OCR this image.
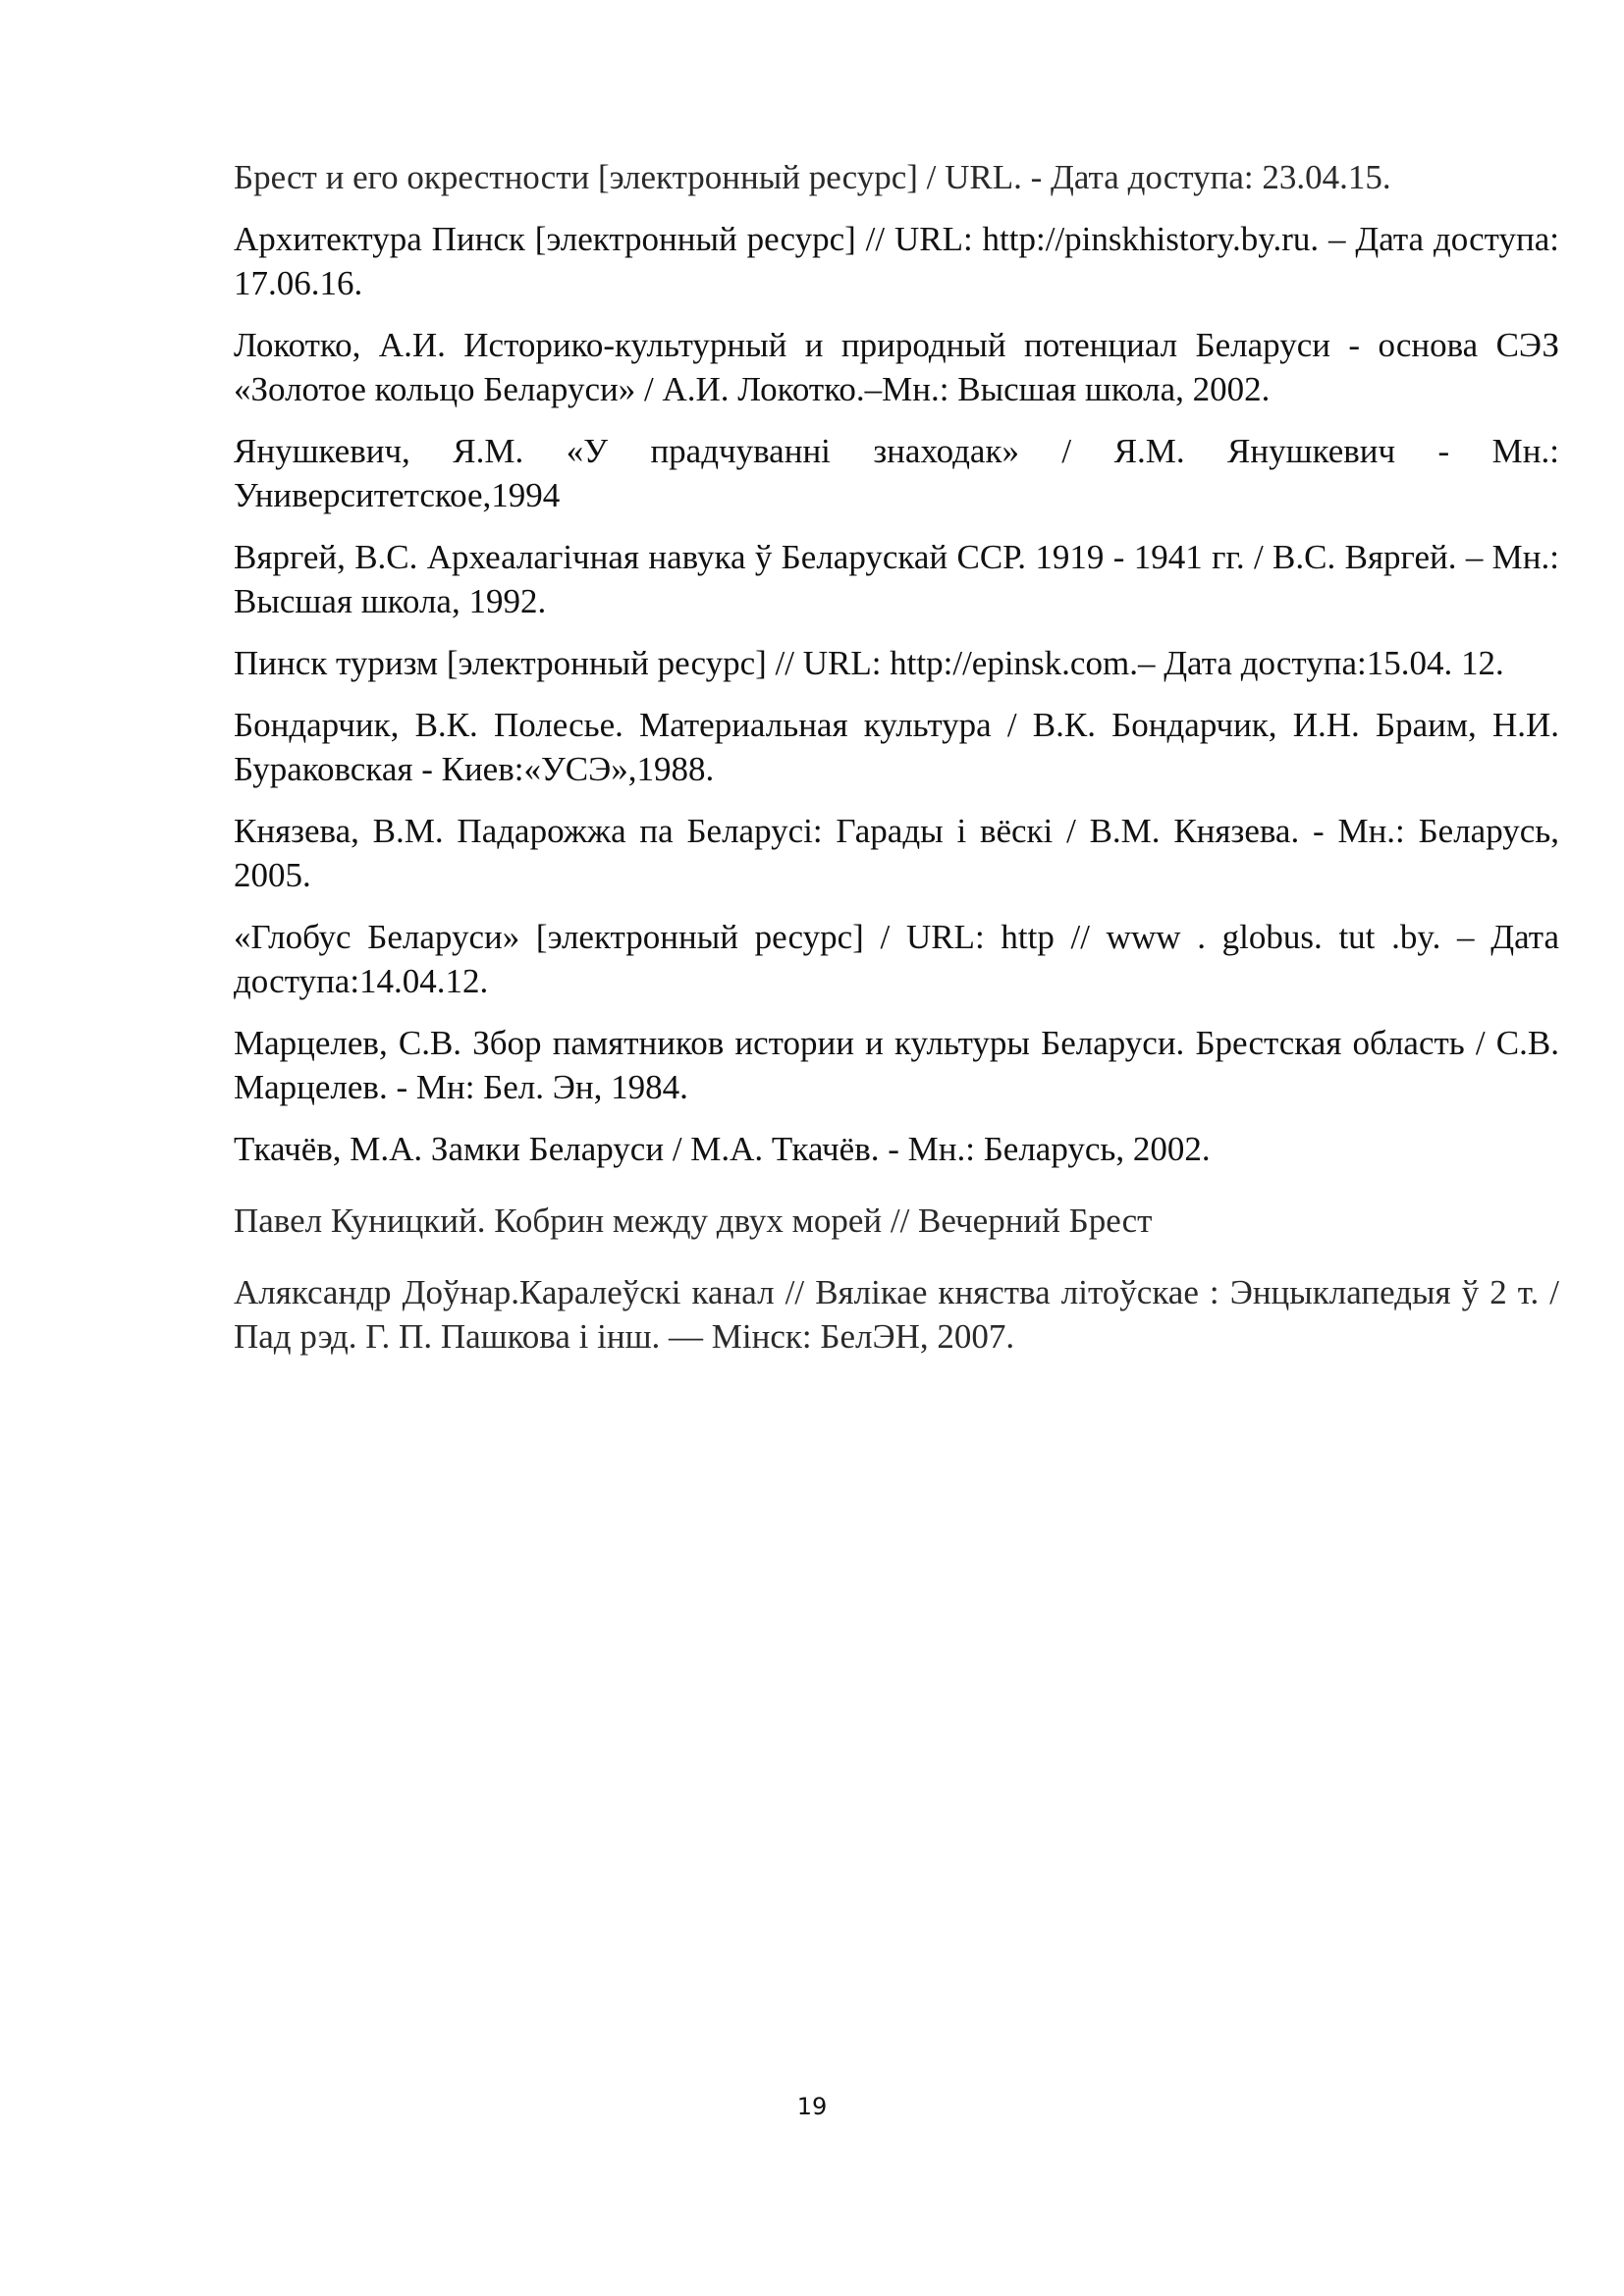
Брест и его окрестности [электронный ресурс] / URL. - Дата доступа: 23.04.15.
Архитектура Пинск [электронный ресурс] // URL: http://pinskhistory.by.ru. – Дата доступа: 17.06.16.
Локотко, А.И. Историко-культурный и природный потенциал Беларуси - основа СЭЗ «Золотое кольцо Беларуси» / А.И. Локотко.–Мн.: Высшая школа, 2002.
Янушкевич, Я.М. «У прадчуванні знаходак» / Я.М. Янушкевич - Мн.: Университетское,1994
Вяргей, В.С. Археалагічная навука ў Беларускай ССР. 1919 - 1941 гг. / В.С. Вяргей. – Мн.: Высшая школа, 1992.
Пинск туризм [электронный ресурс] // URL: http://epinsk.com.– Дата доступа:15.04. 12.
Бондарчик, В.К. Полесье. Материальная культура / В.К. Бондарчик, И.Н. Браим, Н.И. Бураковская - Киев:«УСЭ»,1988.
Князева, В.М. Падарожжа па Беларусі: Гарады і вёскі / В.М. Князева. - Мн.: Беларусь, 2005.
«Глобус Беларуси» [электронный ресурс] / URL: http // www . globus. tut .by. – Дата доступа:14.04.12.
Марцелев, С.В. Збор памятников истории и культуры Беларуси. Брестская область / С.В. Марцелев. - Мн: Бел. Эн, 1984.
Ткачёв, М.А. Замки Беларуси / М.А. Ткачёв. - Мн.: Беларусь, 2002.
Павел Куницкий. Кобрин между двух морей // Вечерний Брест
Аляксандр Доўнар.Каралеўскі канал // Вялікае княства літоўскае : Энцыклапедыя ў 2 т. / Пад рэд. Г. П. Пашкова і інш. — Мінск: БелЭН, 2007.
19
